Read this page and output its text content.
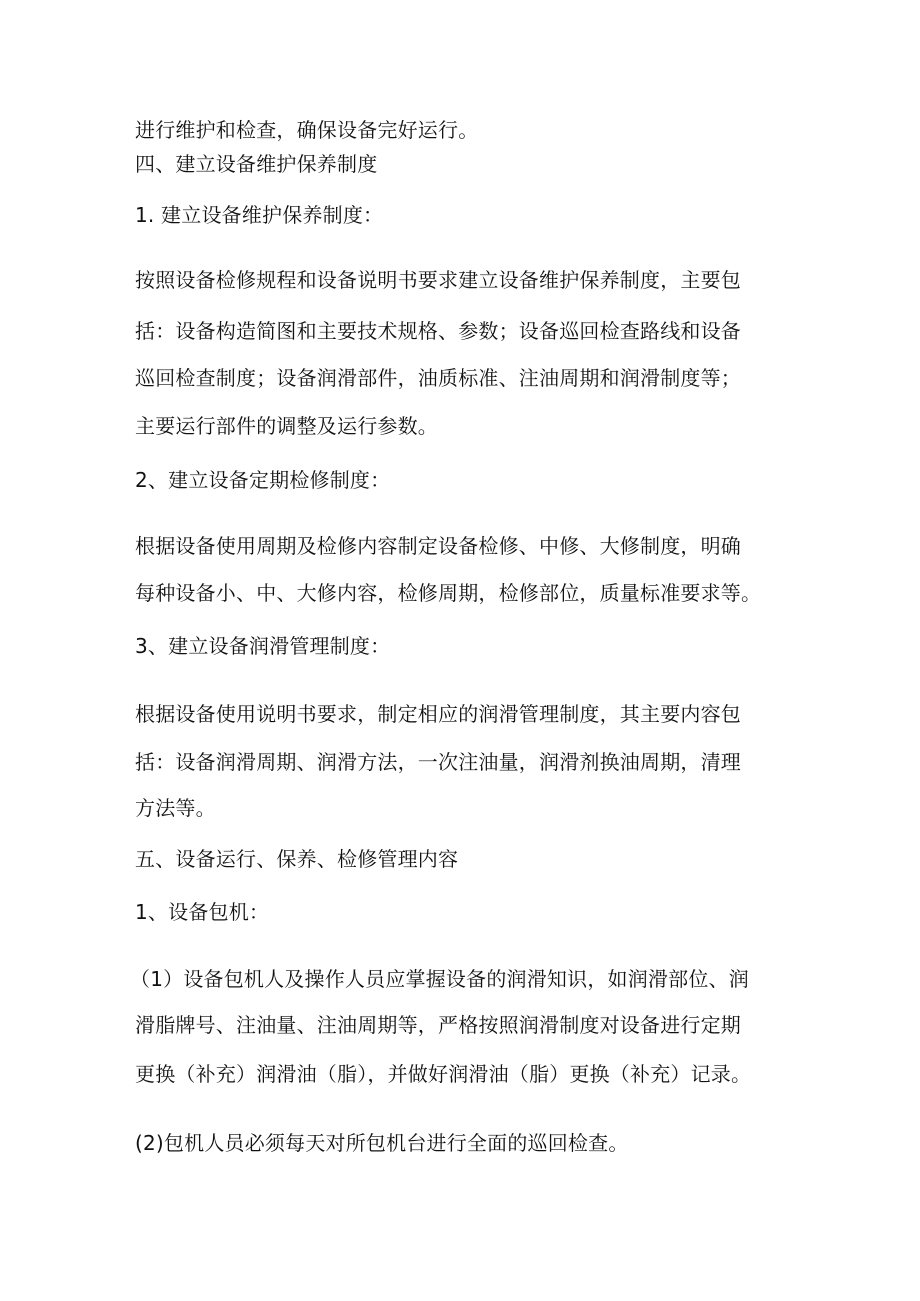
进行维护和检查，确保设备完好运行。
四、建立设备维护保养制度
1. 建立设备维护保养制度：
按照设备检修规程和设备说明书要求建立设备维护保养制度，主要包
括：设备构造简图和主要技术规格、参数；设备巡回检查路线和设备
巡回检查制度；设备润滑部件，油质标准、注油周期和润滑制度等；
主要运行部件的调整及运行参数。
2、建立设备定期检修制度：
根据设备使用周期及检修内容制定设备检修、中修、大修制度，明确
每种设备小、中、大修内容，检修周期，检修部位，质量标准要求等。
3、建立设备润滑管理制度：
根据设备使用说明书要求，制定相应的润滑管理制度，其主要内容包
括：设备润滑周期、润滑方法，一次注油量，润滑剂换油周期，清理
方法等。
五、设备运行、保养、检修管理内容
1、设备包机：
（1）设备包机人及操作人员应掌握设备的润滑知识，如润滑部位、润
滑脂牌号、注油量、注油周期等，严格按照润滑制度对设备进行定期
更换（补充）润滑油（脂），并做好润滑油（脂）更换（补充）记录。
(2)包机人员必须每天对所包机台进行全面的巡回检查。
